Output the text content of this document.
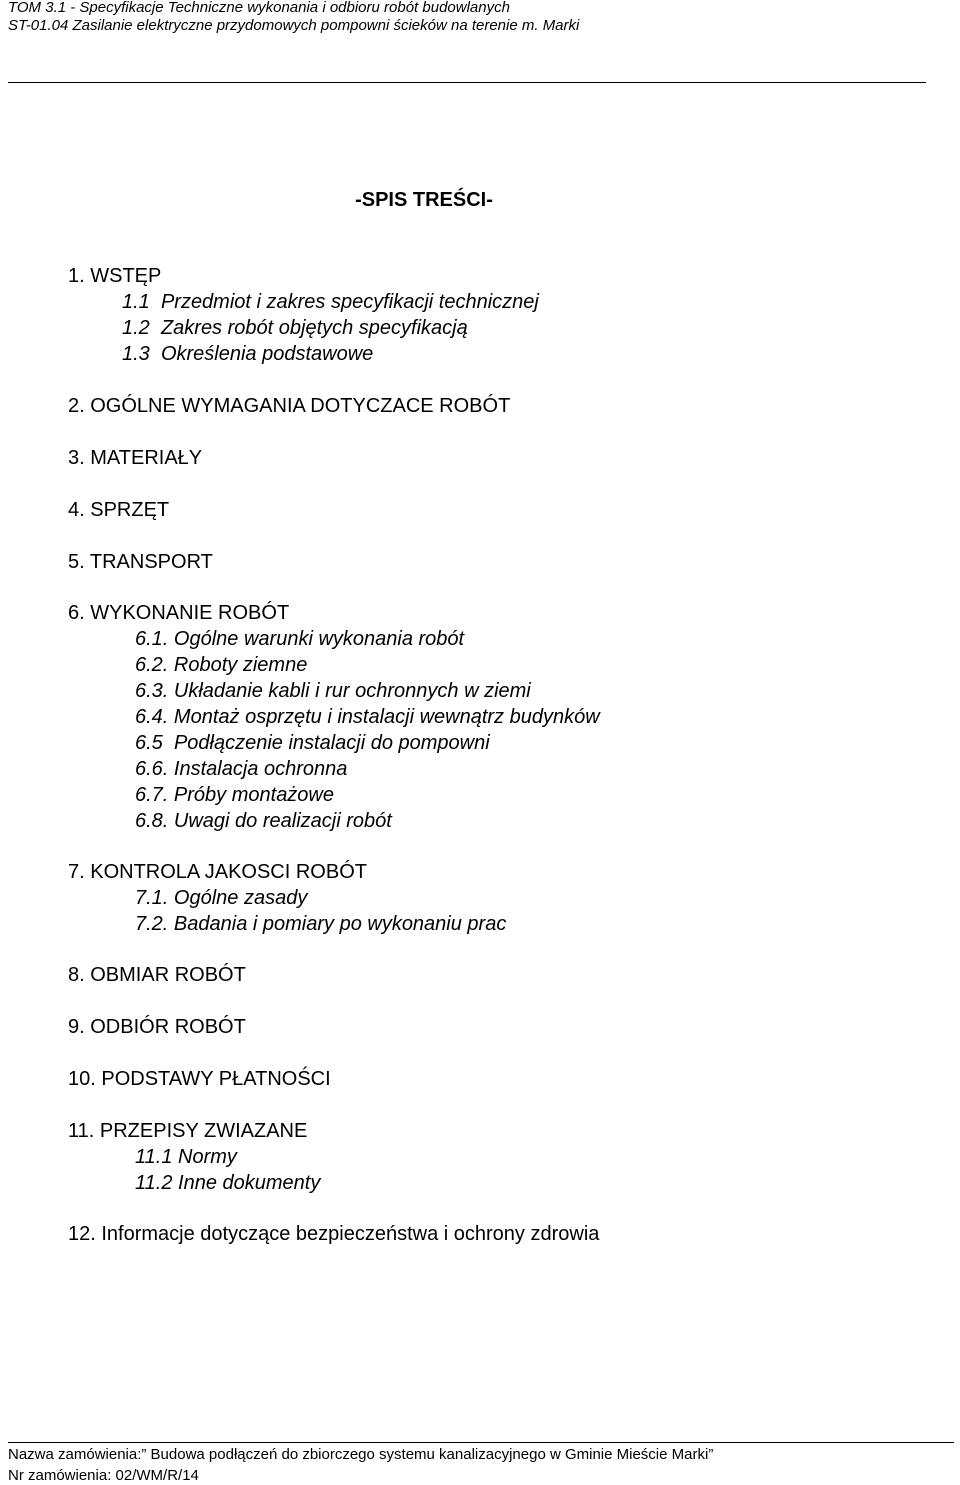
TOM 3.1 - Specyfikacje Techniczne wykonania i odbioru robót budowlanych
ST-01.04 Zasilanie elektryczne przydomowych pompowni ścieków na terenie m. Marki
-SPIS TREŚCI-
1. WSTĘP
1.1 Przedmiot i zakres specyfikacji technicznej
1.2 Zakres robót objętych specyfikacją
1.3 Określenia podstawowe
2. OGÓLNE WYMAGANIA DOTYCZACE ROBÓT
3. MATERIAŁY
4. SPRZĘT
5. TRANSPORT
6. WYKONANIE ROBÓT
6.1. Ogólne warunki wykonania robót
6.2. Roboty ziemne
6.3. Układanie kabli i rur ochronnych w ziemi
6.4. Montaż osprzętu i instalacji wewnątrz budynków
6.5 Podłączenie instalacji do pompowni
6.6. Instalacja ochronna
6.7. Próby montażowe
6.8. Uwagi do realizacji robót
7. KONTROLA JAKOSCI ROBÓT
7.1. Ogólne zasady
7.2. Badania i pomiary po wykonaniu prac
8. OBMIAR ROBÓT
9. ODBIÓR ROBÓT
10. PODSTAWY PŁATNOŚCI
11. PRZEPISY ZWIAZANE
11.1 Normy
11.2 Inne dokumenty
12. Informacje dotyczące bezpieczeństwa i ochrony zdrowia
Nazwa zamówienia:” Budowa podłączeń do zbiorczego systemu kanalizacyjnego w Gminie Mieście Marki”
Nr zamówienia: 02/WM/R/14
